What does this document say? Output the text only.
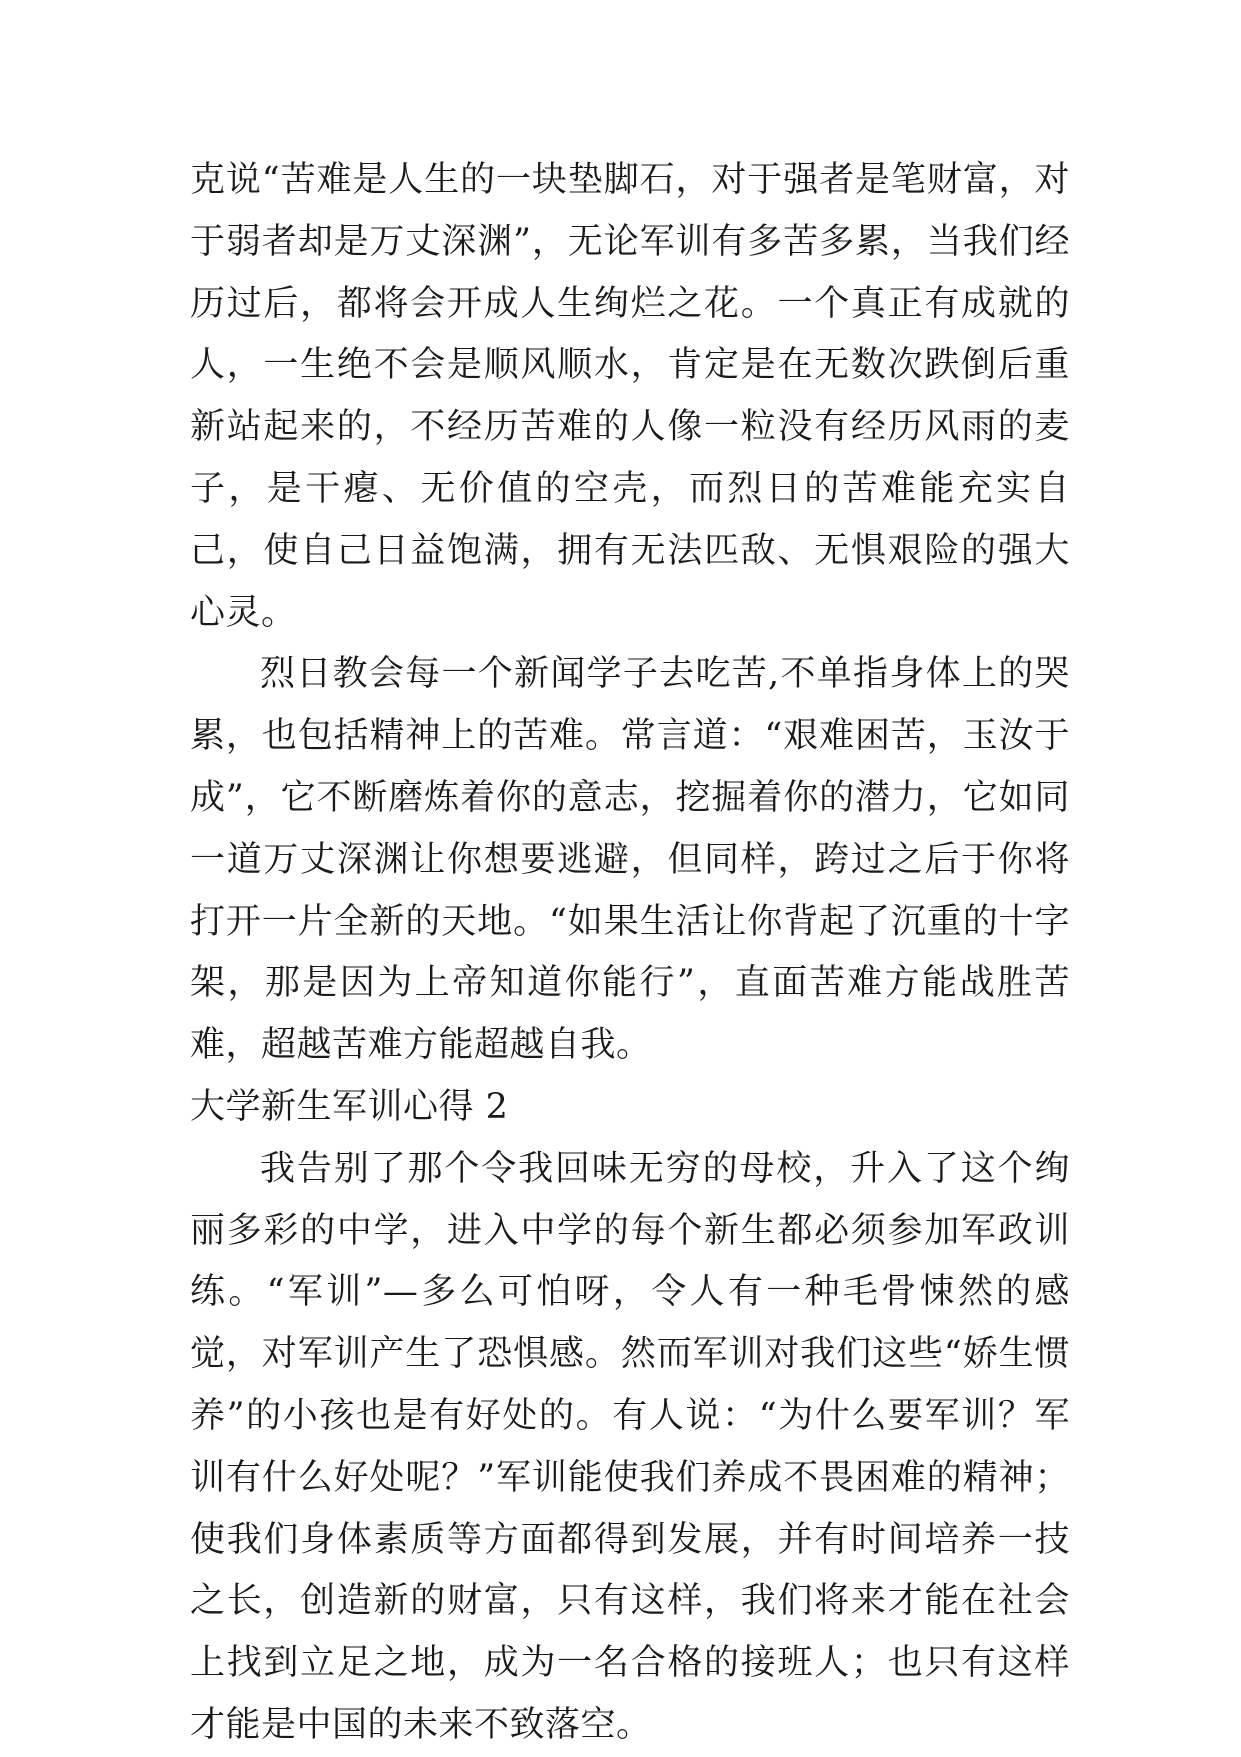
克说“苦难是人生的一块垫脚石，对于强者是笔财富，对于弱者却是万丈深渊”，无论军训有多苦多累，当我们经历过后，都将会开成人生绚烂之花。一个真正有成就的人，一生绝不会是顺风顺水，肯定是在无数次跌倒后重新站起来的，不经历苦难的人像一粒没有经历风雨的麦子，是干瘪、无价值的空壳，而烈日的苦难能充实自己，使自己日益饱满，拥有无法匹敌、无惧艰险的强大心灵。

烈日教会每一个新闻学子去吃苦,不单指身体上的哭累，也包括精神上的苦难。常言道：“艰难困苦，玉汝于成”，它不断磨炼着你的意志，挖掘着你的潜力，它如同一道万丈深渊让你想要逃避，但同样，跨过之后于你将打开一片全新的天地。“如果生活让你背起了沉重的十字架，那是因为上帝知道你能行”，直面苦难方能战胜苦难，超越苦难方能超越自我。

大学新生军训心得 2

我告别了那个令我回味无穷的母校，升入了这个绚丽多彩的中学，进入中学的每个新生都必须参加军政训练。“军训”—多么可怕呀，令人有一种毛骨悚然的感觉，对军训产生了恐惧感。然而军训对我们这些“娇生惯养”的小孩也是有好处的。有人说：“为什么要军训？军训有什么好处呢？”军训能使我们养成不畏困难的精神；使我们身体素质等方面都得到发展，并有时间培养一技之长，创造新的财富，只有这样，我们将来才能在社会上找到立足之地，成为一名合格的接班人；也只有这样才能是中国的未来不致落空。
